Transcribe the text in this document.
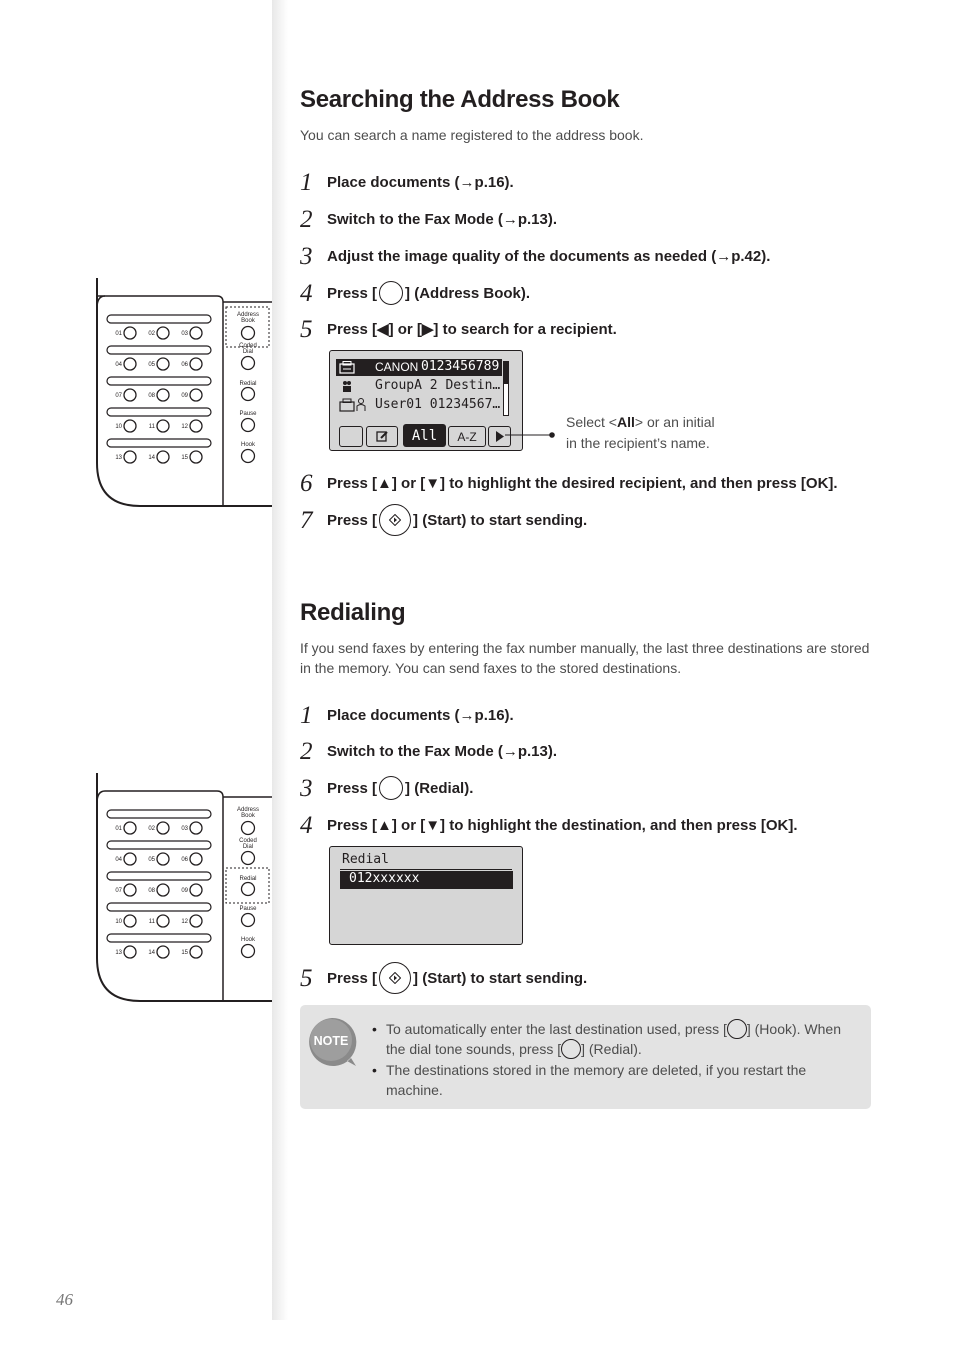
01	02	03
04	05	06
07	08	09
10	11	12
13	14	15
Address
Book
Coded
Dial
Redial
Pause
Hook
01	02	03
04	05	06
07	08	09
10	11	12
13	14	15
Address
Book
Coded
Dial
Redial
Pause
Hook
Searching the Address Book

You can search a name registered to the address book.

1 Place documents (→p.16).
2 Switch to the Fax Mode (→p.13).
3 Adjust the image quality of the documents as needed (→p.42).
4 Press [ ] (Address Book).
5 Press [◀] or [▶] to search for a recipient.
CANON 0123456789
GroupA 2 Destin…
User01 01234567…
All	A-Z
Select <All> or an initial
in the recipient’s name.
6 Press [▲] or [▼] to highlight the desired recipient, and then press [OK].
7 Press [ ] (Start) to start sending.
Redialing
If you send faxes by entering the fax number manually, the last three destinations are stored
in the memory. You can send faxes to the stored destinations.
1 Place documents (→p.16).
2 Switch to the Fax Mode (→p.13).
3 Press [ ] (Redial).
4 Press [▲] or [▼] to highlight the destination, and then press [OK].
Redial
012xxxxxx
5 Press [ ] (Start) to start sending.
NOTE
• To automatically enter the last destination used, press [ ] (Hook). When
the dial tone sounds, press [ ] (Redial).
• The destinations stored in the memory are deleted, if you restart the
machine.
46
